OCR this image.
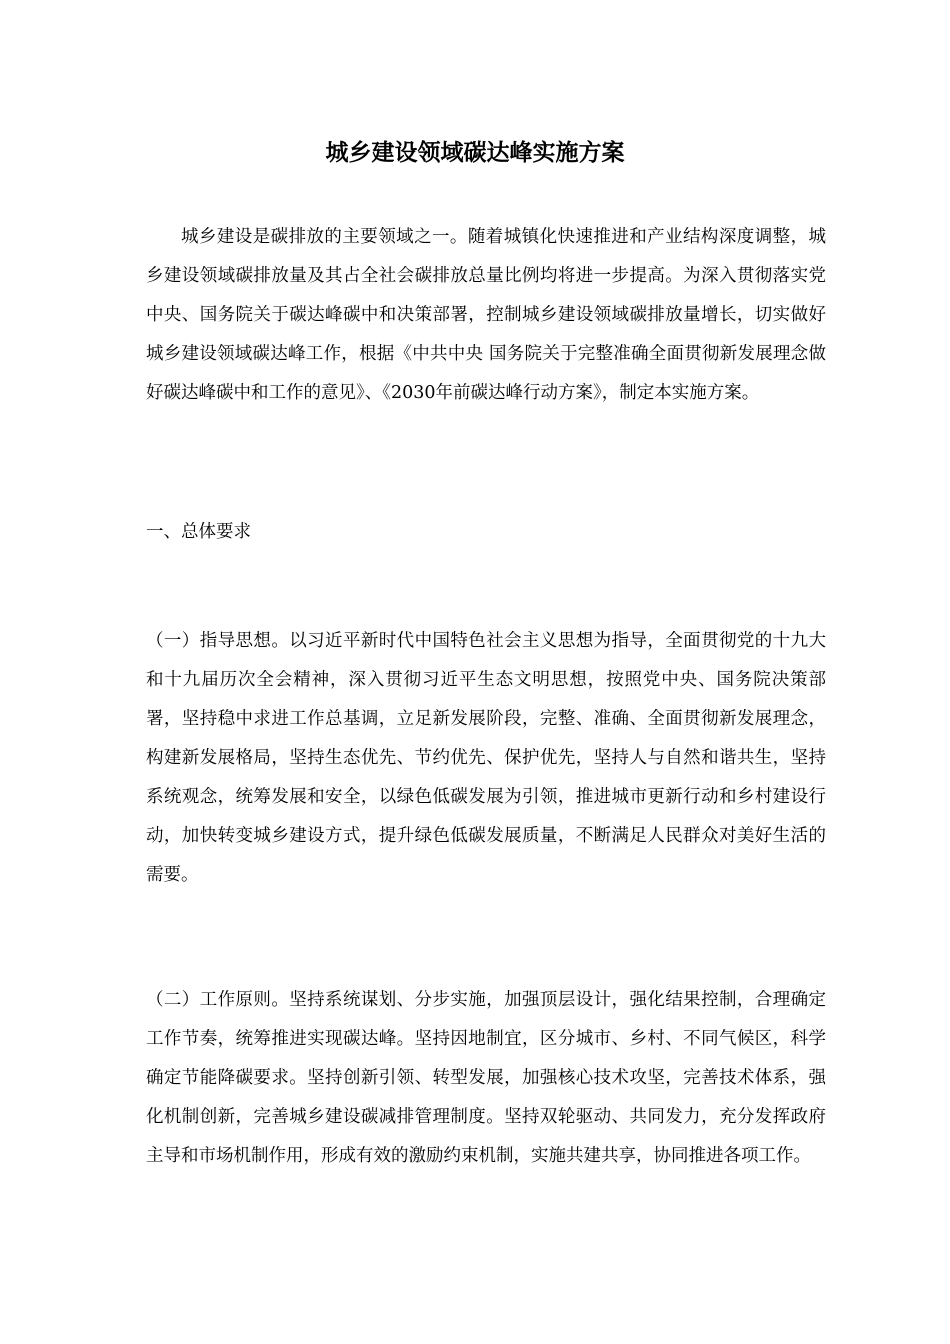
城乡建设领域碳达峰实施方案

城乡建设是碳排放的主要领域之一。随着城镇化快速推进和产业结构深度调整，城乡建设领域碳排放量及其占全社会碳排放总量比例均将进一步提高。为深入贯彻落实党中央、国务院关于碳达峰碳中和决策部署，控制城乡建设领域碳排放量增长，切实做好城乡建设领域碳达峰工作，根据《中共中央 国务院关于完整准确全面贯彻新发展理念做好碳达峰碳中和工作的意见》、《2030年前碳达峰行动方案》，制定本实施方案。

一、总体要求

（一）指导思想。以习近平新时代中国特色社会主义思想为指导，全面贯彻党的十九大和十九届历次全会精神，深入贯彻习近平生态文明思想，按照党中央、国务院决策部署，坚持稳中求进工作总基调，立足新发展阶段，完整、准确、全面贯彻新发展理念，构建新发展格局，坚持生态优先、节约优先、保护优先，坚持人与自然和谐共生，坚持系统观念，统筹发展和安全，以绿色低碳发展为引领，推进城市更新行动和乡村建设行动，加快转变城乡建设方式，提升绿色低碳发展质量，不断满足人民群众对美好生活的需要。

（二）工作原则。坚持系统谋划、分步实施，加强顶层设计，强化结果控制，合理确定工作节奏，统筹推进实现碳达峰。坚持因地制宜，区分城市、乡村、不同气候区，科学确定节能降碳要求。坚持创新引领、转型发展，加强核心技术攻坚，完善技术体系，强化机制创新，完善城乡建设碳减排管理制度。坚持双轮驱动、共同发力，充分发挥政府主导和市场机制作用，形成有效的激励约束机制，实施共建共享，协同推进各项工作。
